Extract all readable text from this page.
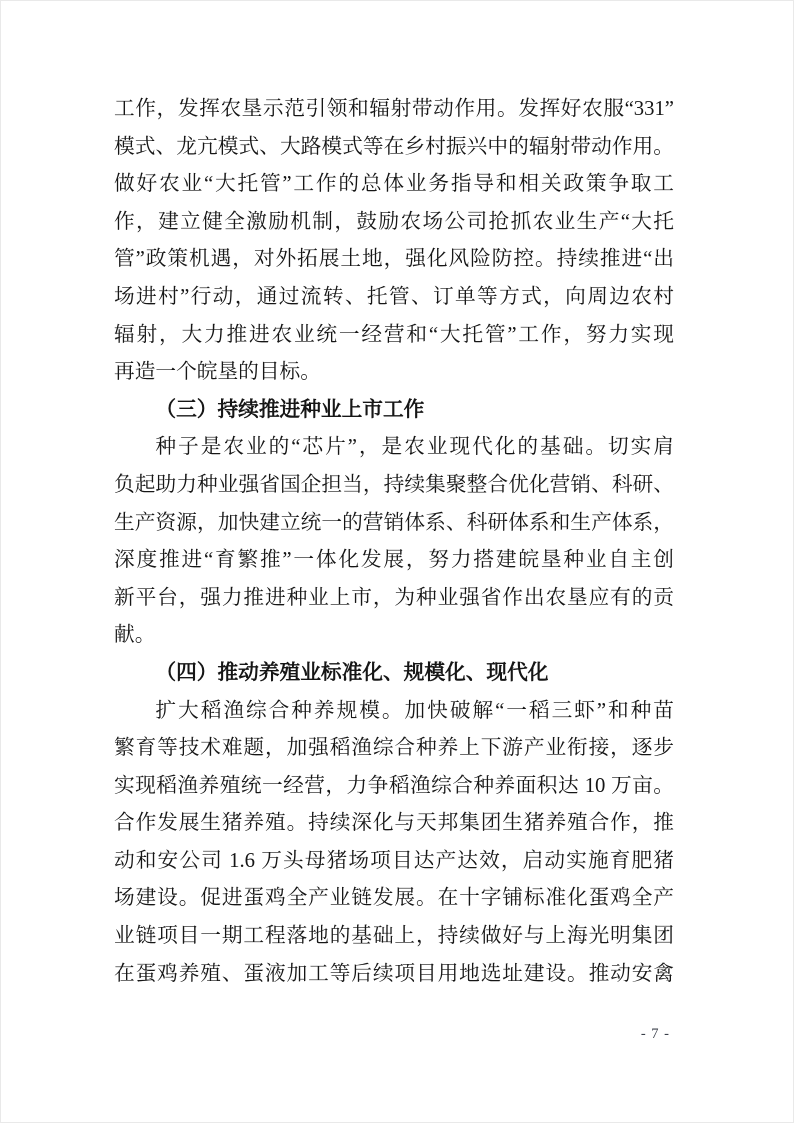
工作，发挥农垦示范引领和辐射带动作用。发挥好农服“331”
模式、龙亢模式、大路模式等在乡村振兴中的辐射带动作用。
做好农业“大托管”工作的总体业务指导和相关政策争取工
作，建立健全激励机制，鼓励农场公司抢抓农业生产“大托
管”政策机遇，对外拓展土地，强化风险防控。持续推进“出
场进村”行动，通过流转、托管、订单等方式，向周边农村
辐射，大力推进农业统一经营和“大托管”工作，努力实现
再造一个皖垦的目标。
（三）持续推进种业上市工作
种子是农业的“芯片”，是农业现代化的基础。切实肩
负起助力种业强省国企担当，持续集聚整合优化营销、科研、
生产资源，加快建立统一的营销体系、科研体系和生产体系，
深度推进“育繁推”一体化发展，努力搭建皖垦种业自主创
新平台，强力推进种业上市，为种业强省作出农垦应有的贡
献。
（四）推动养殖业标准化、规模化、现代化
扩大稻渔综合种养规模。加快破解“一稻三虾”和种苗
繁育等技术难题，加强稻渔综合种养上下游产业衔接，逐步
实现稻渔养殖统一经营，力争稻渔综合种养面积达 10 万亩。
合作发展生猪养殖。持续深化与天邦集团生猪养殖合作，推
动和安公司 1.6 万头母猪场项目达产达效，启动实施育肥猪
场建设。促进蛋鸡全产业链发展。在十字铺标准化蛋鸡全产
业链项目一期工程落地的基础上，持续做好与上海光明集团
在蛋鸡养殖、蛋液加工等后续项目用地选址建设。推动安禽
- 7 -
